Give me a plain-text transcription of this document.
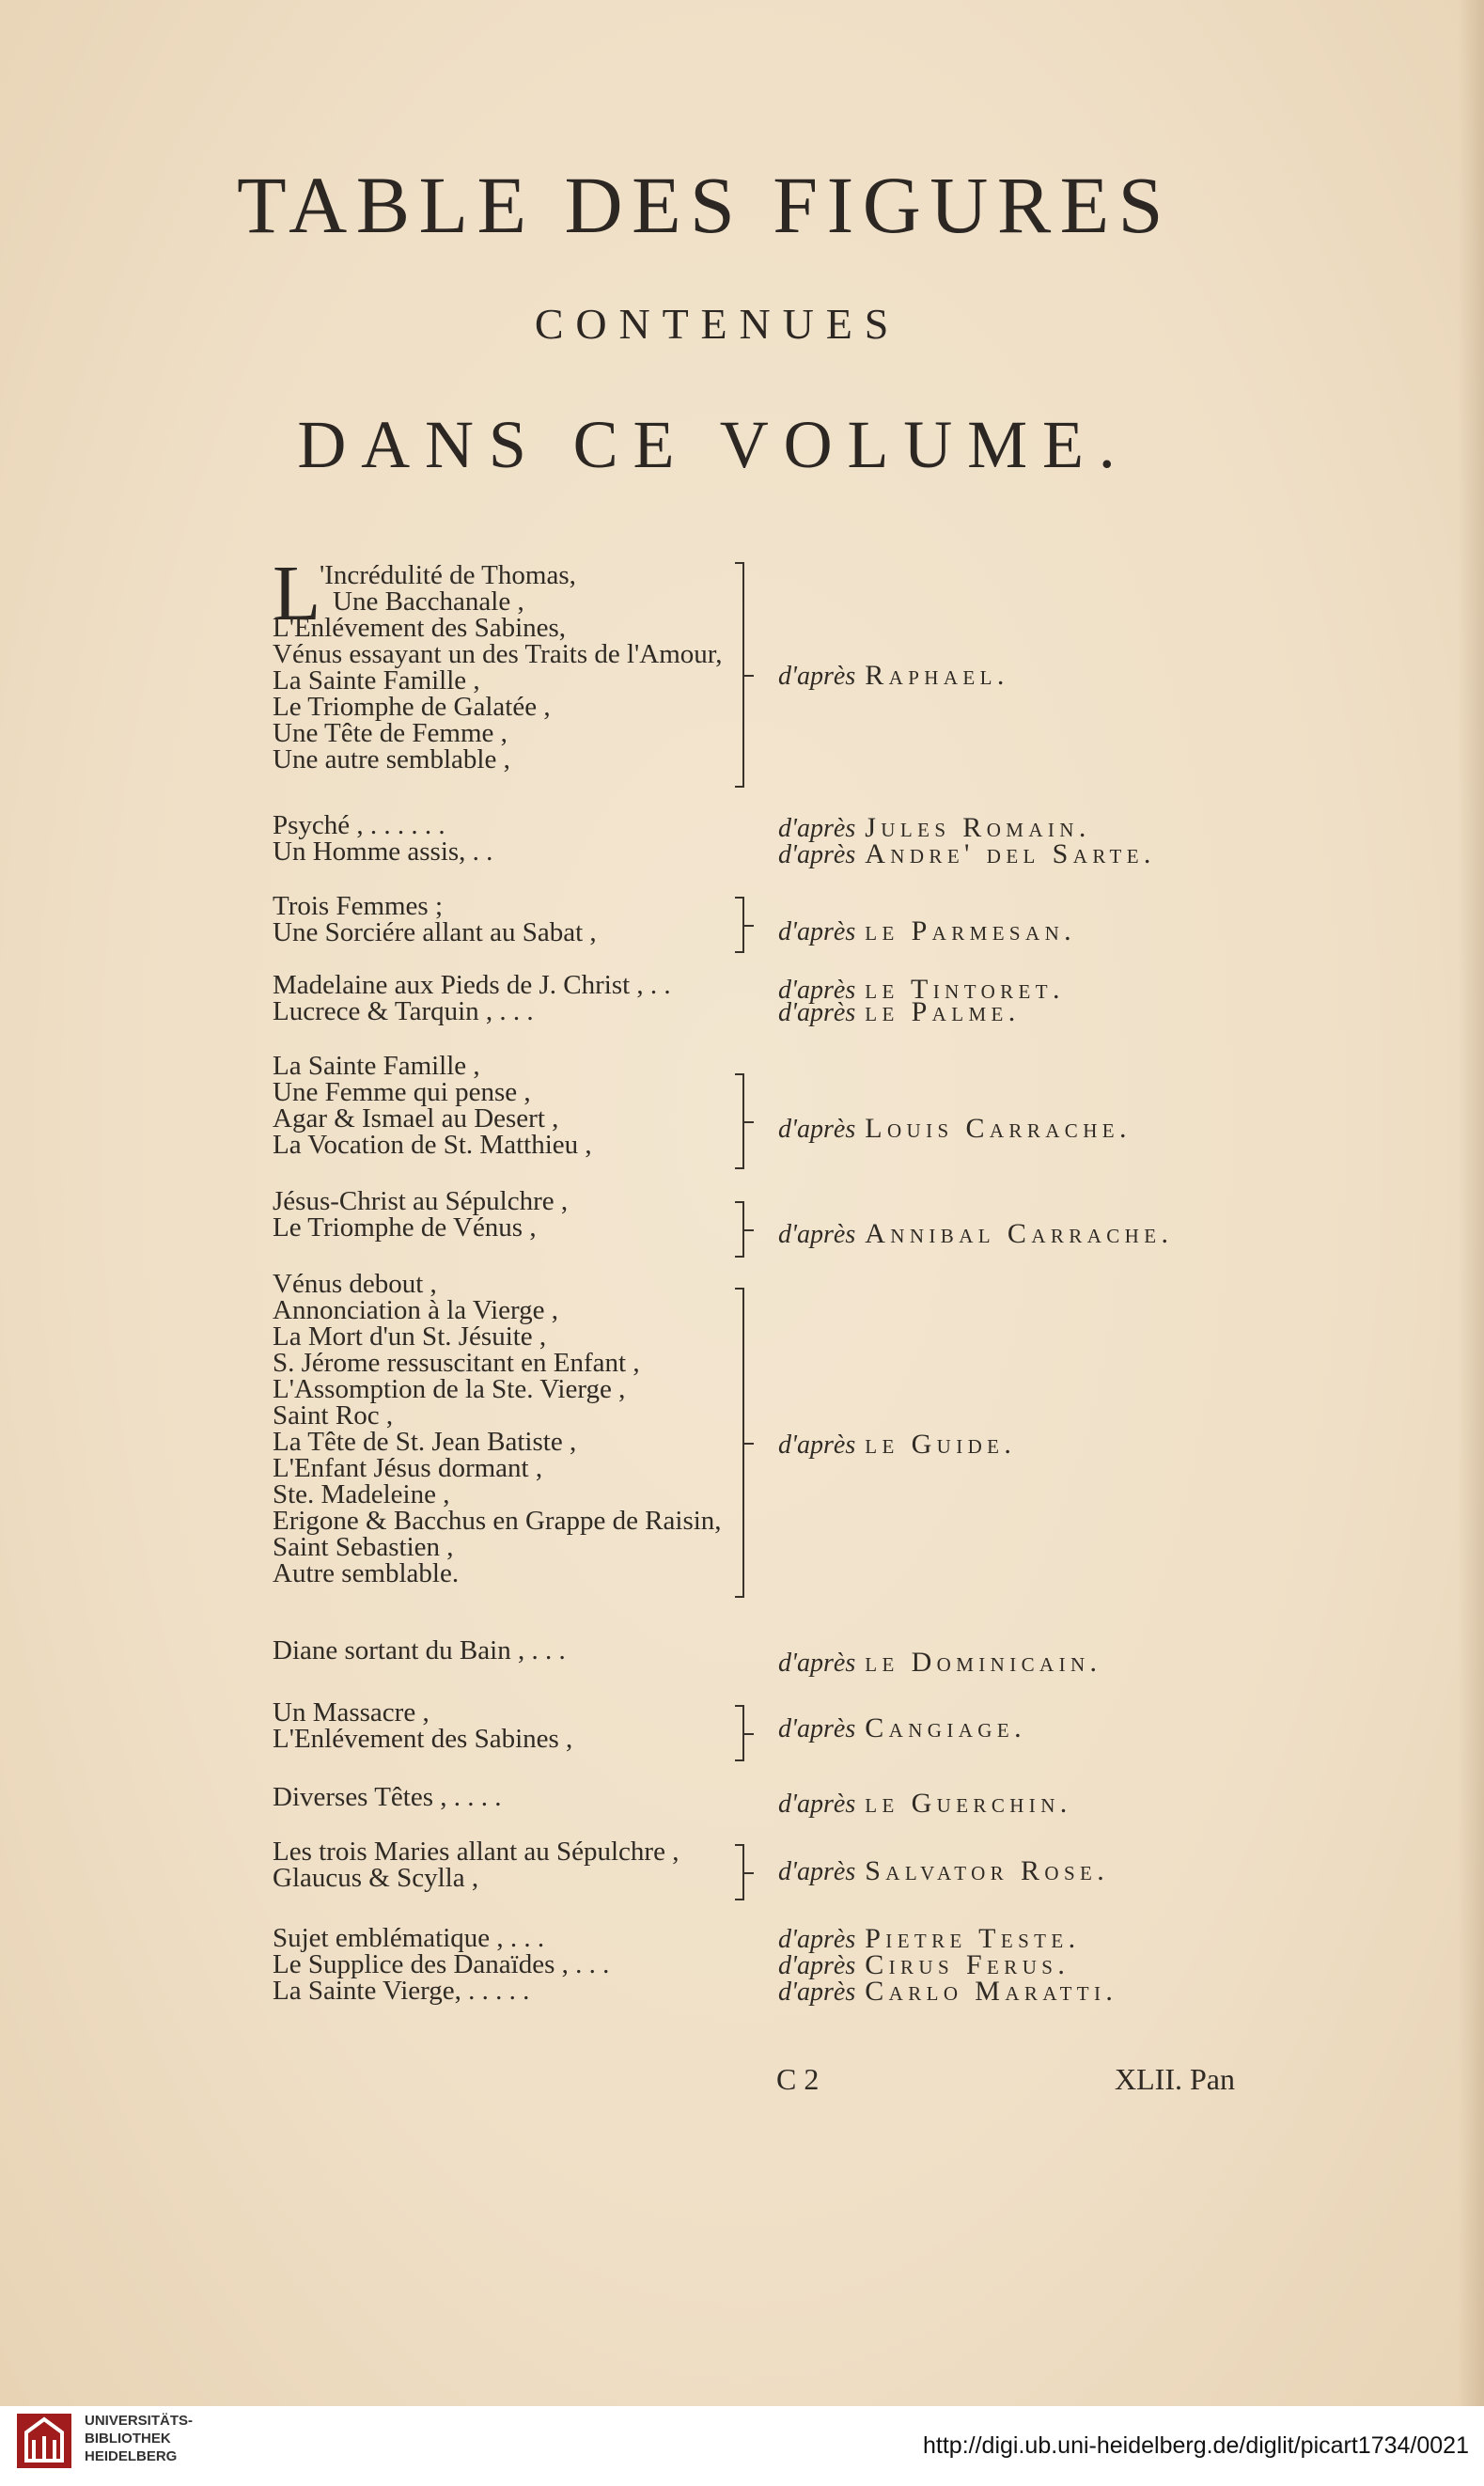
TABLE DES FIGURES
CONTENUES
DANS CE VOLUME.
L
'Incrédulité de Thomas,
Une Bacchanale ,
L'Enlévement des Sabines,
Vénus essayant un des Traits de l'Amour,
La Sainte Famille ,
Le Triomphe de Galatée ,
Une Tête de Femme ,
Une autre semblable ,
Psyché , . . . . . .
Un Homme assis, . .
Trois Femmes ;
Une Sorciére allant au Sabat ,
Madelaine aux Pieds de J. Christ , . .
Lucrece & Tarquin , . . .
La Sainte Famille ,
Une Femme qui pense ,
Agar & Ismael au Desert ,
La Vocation de St. Matthieu ,
Jésus-Christ au Sépulchre ,
Le Triomphe de Vénus ,
Vénus debout ,
Annonciation à la Vierge ,
La Mort d'un St. Jésuite ,
S. Jérome ressuscitant en Enfant ,
L'Assomption de la Ste. Vierge ,
Saint Roc ,
La Tête de St. Jean Batiste ,
L'Enfant Jésus dormant ,
Ste. Madeleine ,
Erigone & Bacchus en Grappe de Raisin,
Saint Sebastien ,
Autre semblable.
Diane sortant du Bain , . . .
Un Massacre ,
L'Enlévement des Sabines ,
Diverses Têtes , . . . .
Les trois Maries allant au Sépulchre ,
Glaucus & Scylla ,
Sujet emblématique , . . .
Le Supplice des Danaïdes , . . .
La Sainte Vierge, . . . . .
d'après Raphael.
d'après Jules Romain.
d'après Andre' del Sarte.
d'après le Parmesan.
d'après le Tintoret.
d'après le Palme.
d'après Louis Carrache.
d'après Annibal Carrache.
d'après le Guide.
d'après le Dominicain.
d'après Cangiage.
d'après le Guerchin.
d'après Salvator Rose.
d'après Pietre Teste.
d'après Cirus Ferus.
d'après Carlo Maratti.
C 2	XLII. Pan
UNIVERSITÄTS-
BIBLIOTHEK
HEIDELBERG	http://digi.ub.uni-heidelberg.de/diglit/picart1734/0021
